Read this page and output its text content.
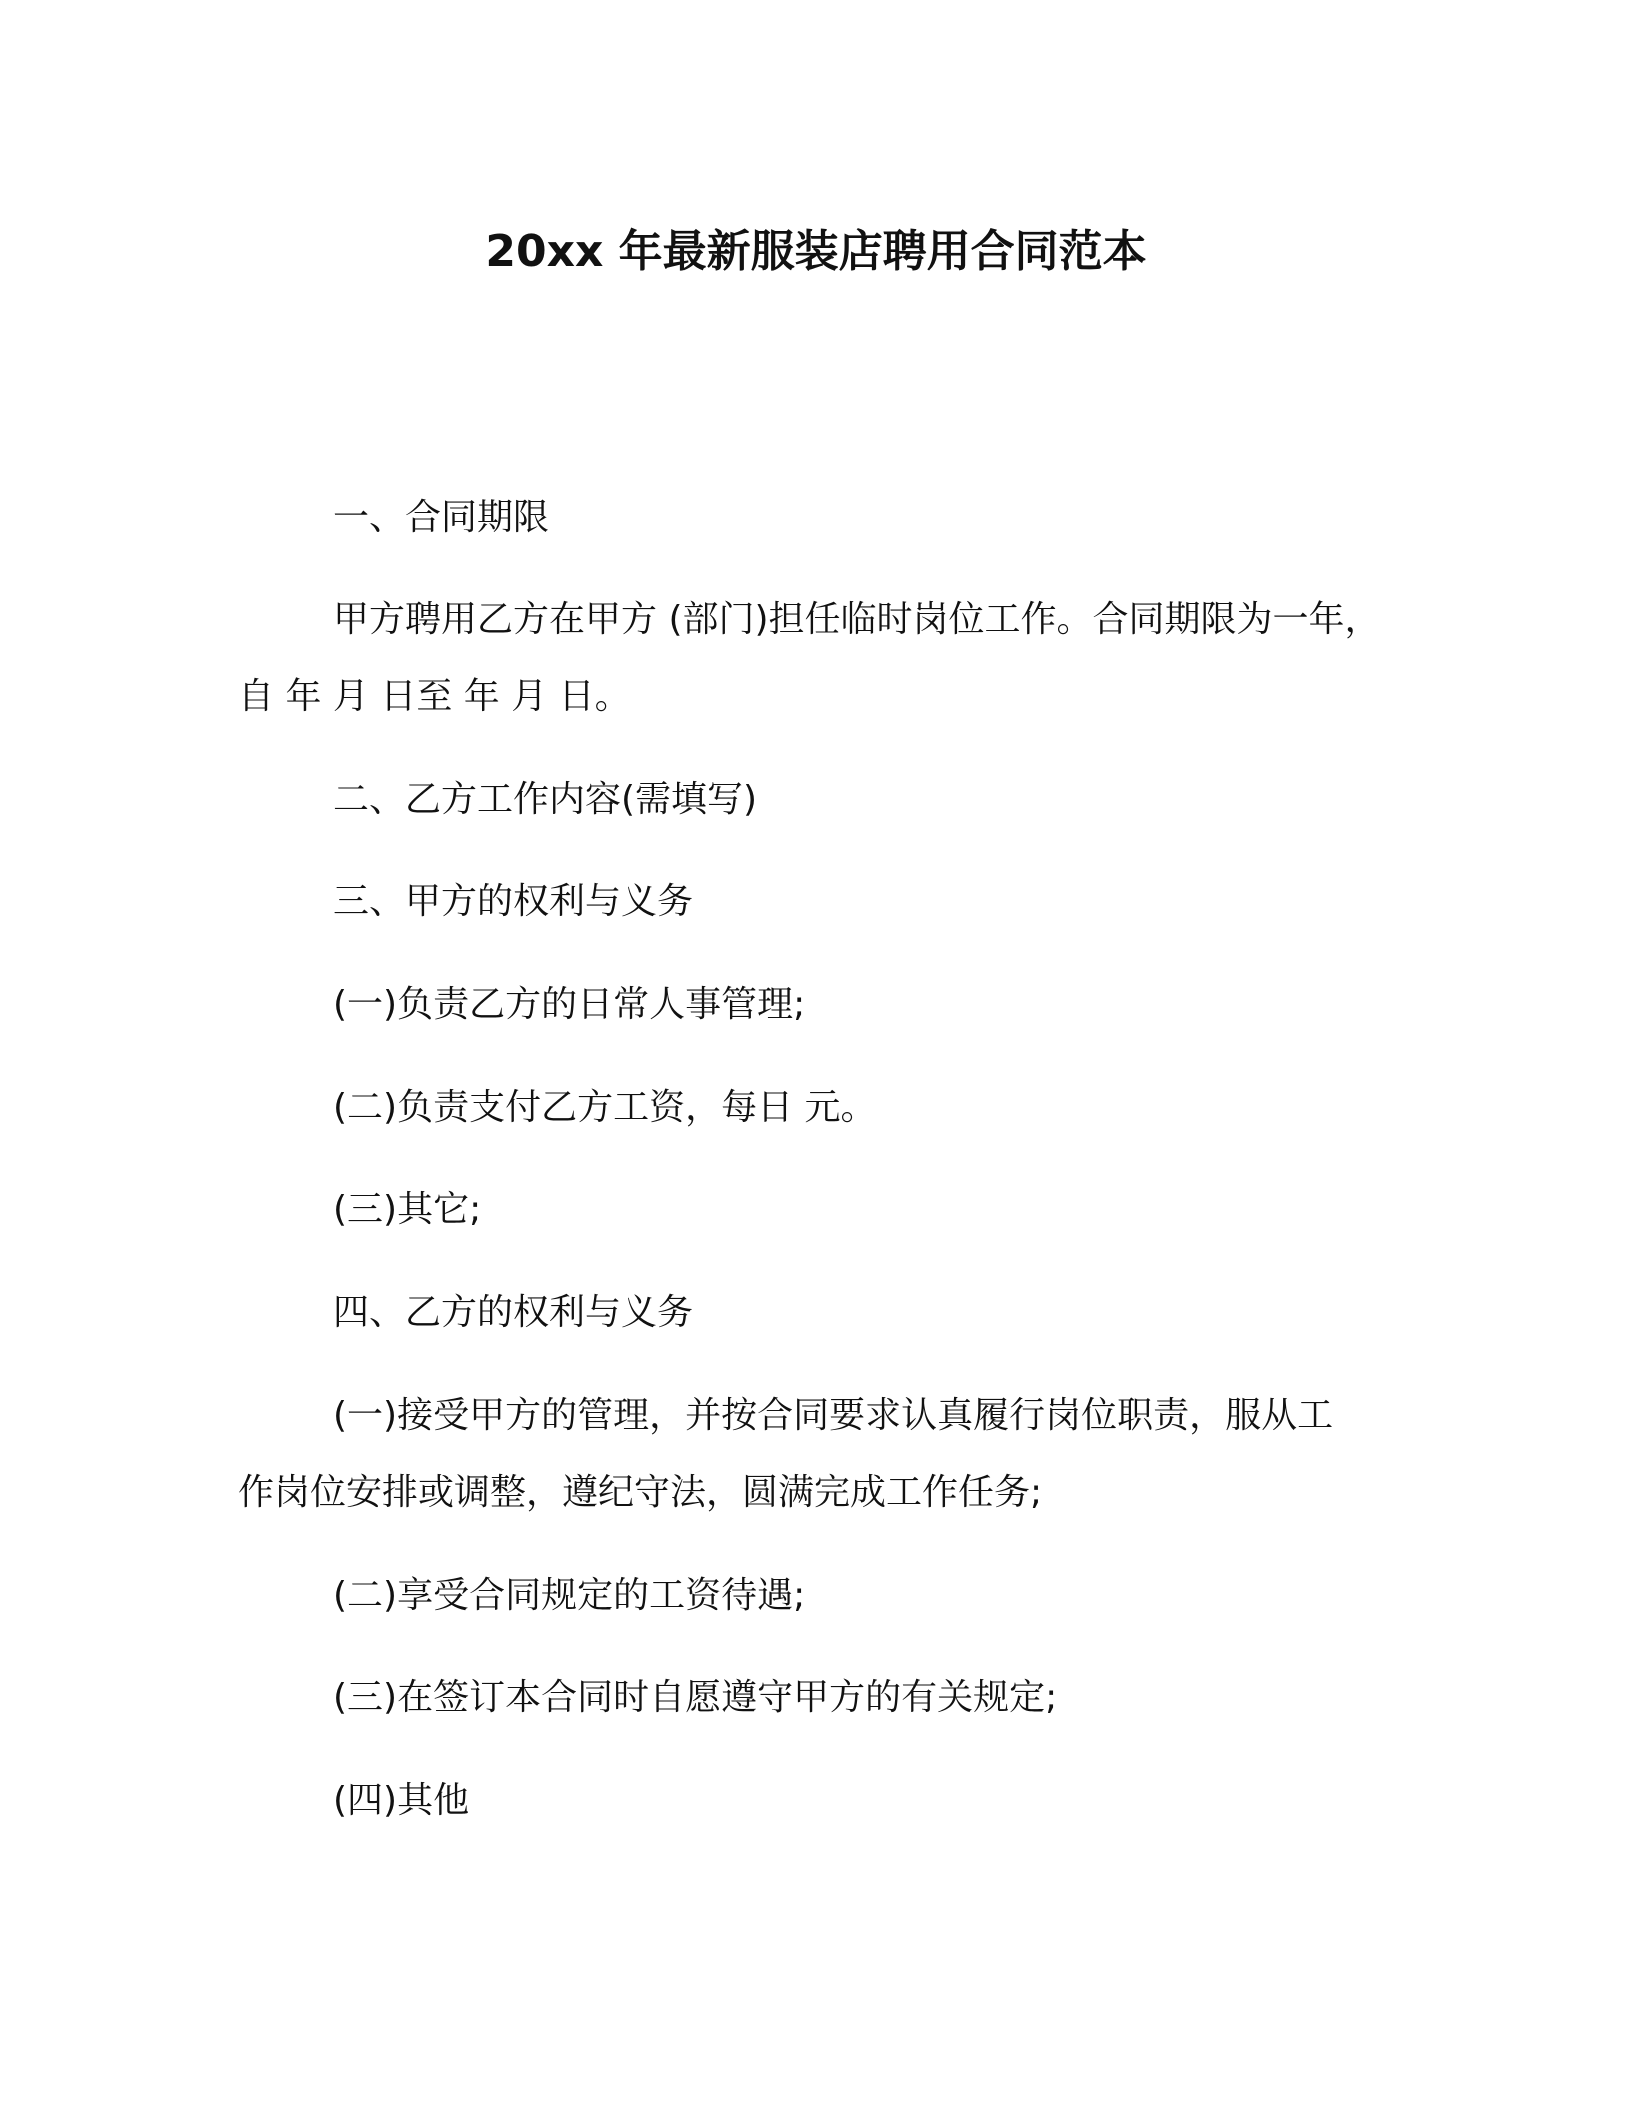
20xx 年最新服装店聘用合同范本

一、合同期限

甲方聘用乙方在甲方 (部门)担任临时岗位工作。合同期限为一年，

自 年 月 日至 年 月 日。

二、乙方工作内容(需填写)

三、甲方的权利与义务

(一)负责乙方的日常人事管理;

(二)负责支付乙方工资，每日 元。

(三)其它;

四、乙方的权利与义务

(一)接受甲方的管理，并按合同要求认真履行岗位职责，服从工

作岗位安排或调整，遵纪守法，圆满完成工作任务;

(二)享受合同规定的工资待遇;

(三)在签订本合同时自愿遵守甲方的有关规定;

(四)其他
